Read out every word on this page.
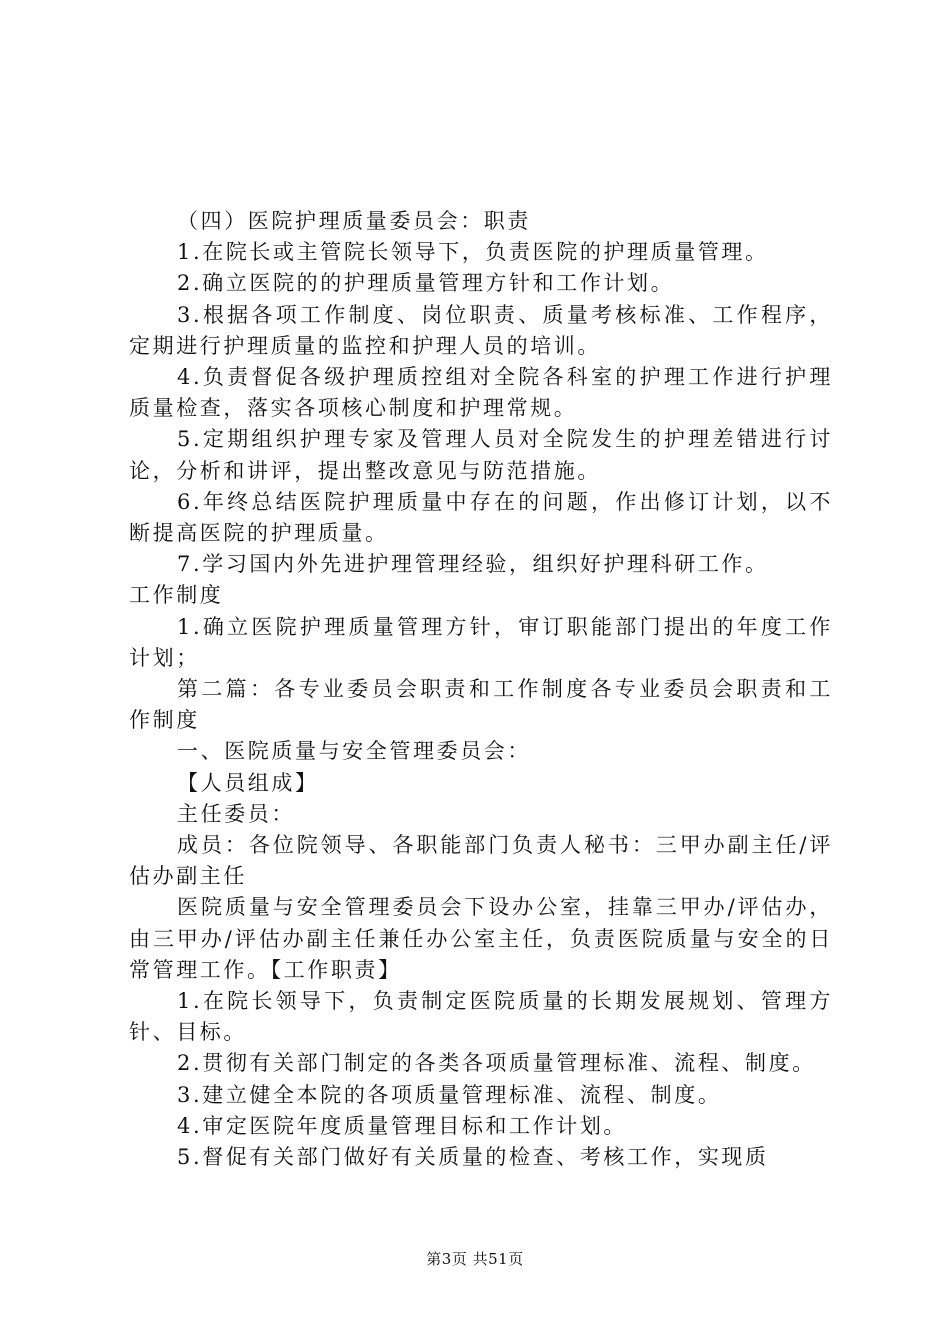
（四）医院护理质量委员会：职责

1.在院长或主管院长领导下，负责医院的护理质量管理。

2.确立医院的的护理质量管理方针和工作计划。

3.根据各项工作制度、岗位职责、质量考核标准、工作程序，定期进行护理质量的监控和护理人员的培训。

4.负责督促各级护理质控组对全院各科室的护理工作进行护理质量检查，落实各项核心制度和护理常规。

5.定期组织护理专家及管理人员对全院发生的护理差错进行讨论，分析和讲评，提出整改意见与防范措施。

6.年终总结医院护理质量中存在的问题，作出修订计划，以不断提高医院的护理质量。

7.学习国内外先进护理管理经验，组织好护理科研工作。

工作制度

1.确立医院护理质量管理方针，审订职能部门提出的年度工作计划；

第二篇：各专业委员会职责和工作制度各专业委员会职责和工作制度

一、医院质量与安全管理委员会：

【人员组成】

主任委员：

成员：各位院领导、各职能部门负责人秘书：三甲办副主任/评估办副主任

医院质量与安全管理委员会下设办公室，挂靠三甲办/评估办，由三甲办/评估办副主任兼任办公室主任，负责医院质量与安全的日常管理工作。【工作职责】

1.在院长领导下，负责制定医院质量的长期发展规划、管理方针、目标。

2.贯彻有关部门制定的各类各项质量管理标准、流程、制度。

3.建立健全本院的各项质量管理标准、流程、制度。

4.审定医院年度质量管理目标和工作计划。

5.督促有关部门做好有关质量的检查、考核工作，实现质

第3页 共51页
